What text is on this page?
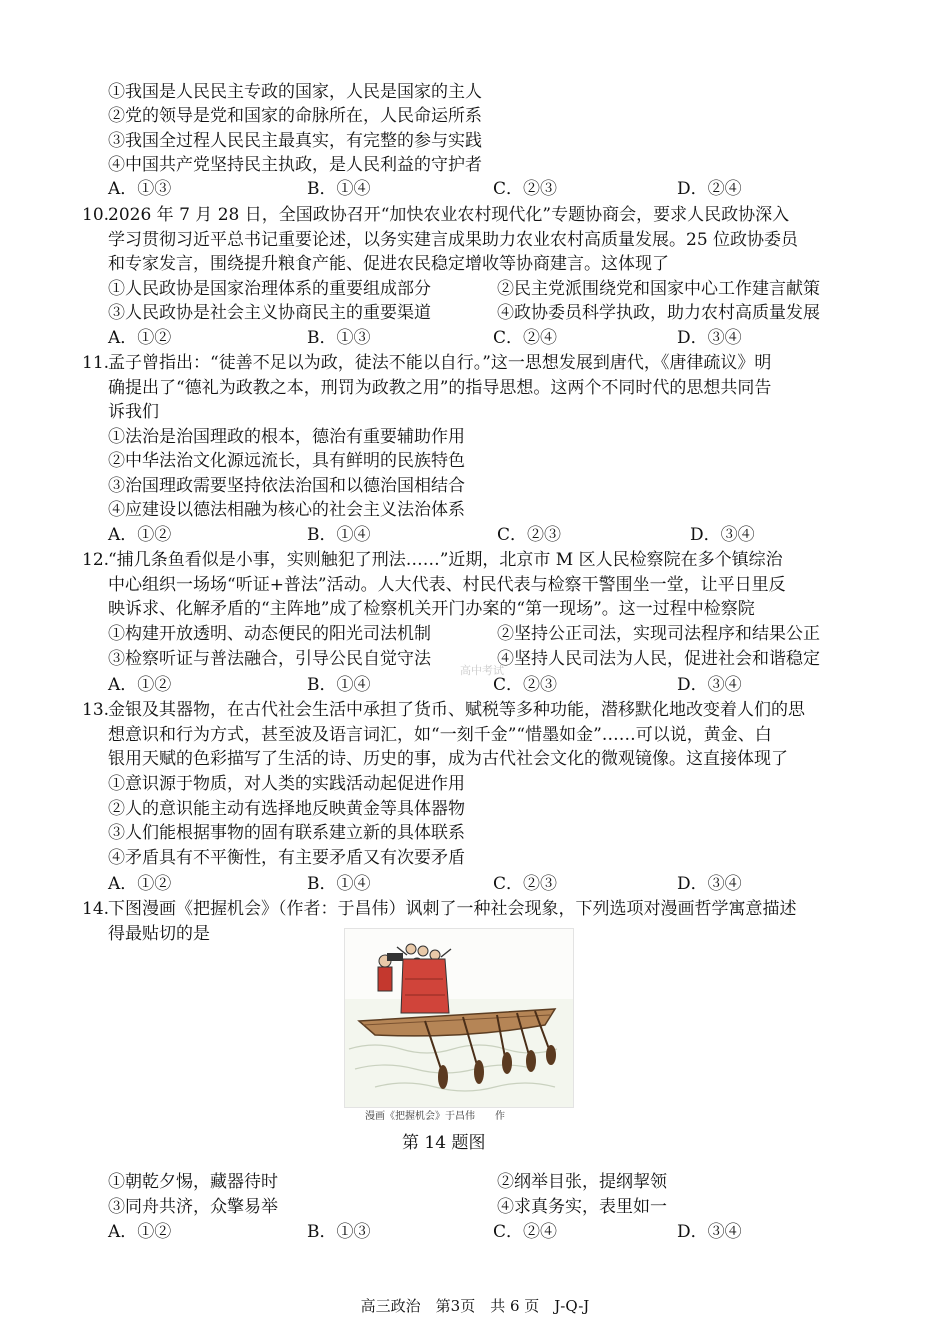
①我国是人民民主专政的国家，人民是国家的主人
②党的领导是党和国家的命脉所在，人民命运所系
③我国全过程人民民主最真实，有完整的参与实践
④中国共产党坚持民主执政，是人民利益的守护者
A．①③	B．①④	C．②③	D．②④
10.
2026 年 7 月 28 日，全国政协召开“加快农业农村现代化”专题协商会，要求人民政协深入
学习贯彻习近平总书记重要论述，以务实建言成果助力农业农村高质量发展。25 位政协委员
和专家发言，围绕提升粮食产能、促进农民稳定增收等协商建言。这体现了
①人民政协是国家治理体系的重要组成部分	②民主党派围绕党和国家中心工作建言献策
③人民政协是社会主义协商民主的重要渠道	④政协委员科学执政，助力农村高质量发展
A．①②	B．①③	C．②④	D．③④
11.
孟子曾指出：“徒善不足以为政，徒法不能以自行。”这一思想发展到唐代，《唐律疏议》明
确提出了“德礼为政教之本，刑罚为政教之用”的指导思想。这两个不同时代的思想共同告
诉我们
①法治是治国理政的根本，德治有重要辅助作用
②中华法治文化源远流长，具有鲜明的民族特色
③治国理政需要坚持依法治国和以德治国相结合
④应建设以德法相融为核心的社会主义法治体系
A．①②	B．①④	C．②③	D．③④
12.
“捕几条鱼看似是小事，实则触犯了刑法……”近期，北京市 M 区人民检察院在多个镇综治
中心组织一场场“听证+普法”活动。人大代表、村民代表与检察干警围坐一堂，让平日里反
映诉求、化解矛盾的“主阵地”成了检察机关开门办案的“第一现场”。这一过程中检察院
①构建开放透明、动态便民的阳光司法机制	②坚持公正司法，实现司法程序和结果公正
③检察听证与普法融合，引导公民自觉守法	④坚持人民司法为人民，促进社会和谐稳定
高中考试
A．①②	B．①④	C．②③	D．③④
13.
金银及其器物，在古代社会生活中承担了货币、赋税等多种功能，潜移默化地改变着人们的思
想意识和行为方式，甚至波及语言词汇，如“一刻千金”“惜墨如金”……可以说，黄金、白
银用天赋的色彩描写了生活的诗、历史的事，成为古代社会文化的微观镜像。这直接体现了
①意识源于物质，对人类的实践活动起促进作用
②人的意识能主动有选择地反映黄金等具体器物
③人们能根据事物的固有联系建立新的具体联系
④矛盾具有不平衡性，有主要矛盾又有次要矛盾
A．①②	B．①④	C．②③	D．③④
14.
下图漫画《把握机会》（作者：于昌伟）讽刺了一种社会现象，下列选项对漫画哲学寓意描述
得最贴切的是
漫画《把握机会》于昌伟　　作
第 14 题图
①朝乾夕惕，藏器待时	②纲举目张，提纲挈领
③同舟共济，众擎易举	④求真务实，表里如一
A．①②	B．①③	C．②④	D．③④
高三政治　第3页　共 6 页　J-Q-J
